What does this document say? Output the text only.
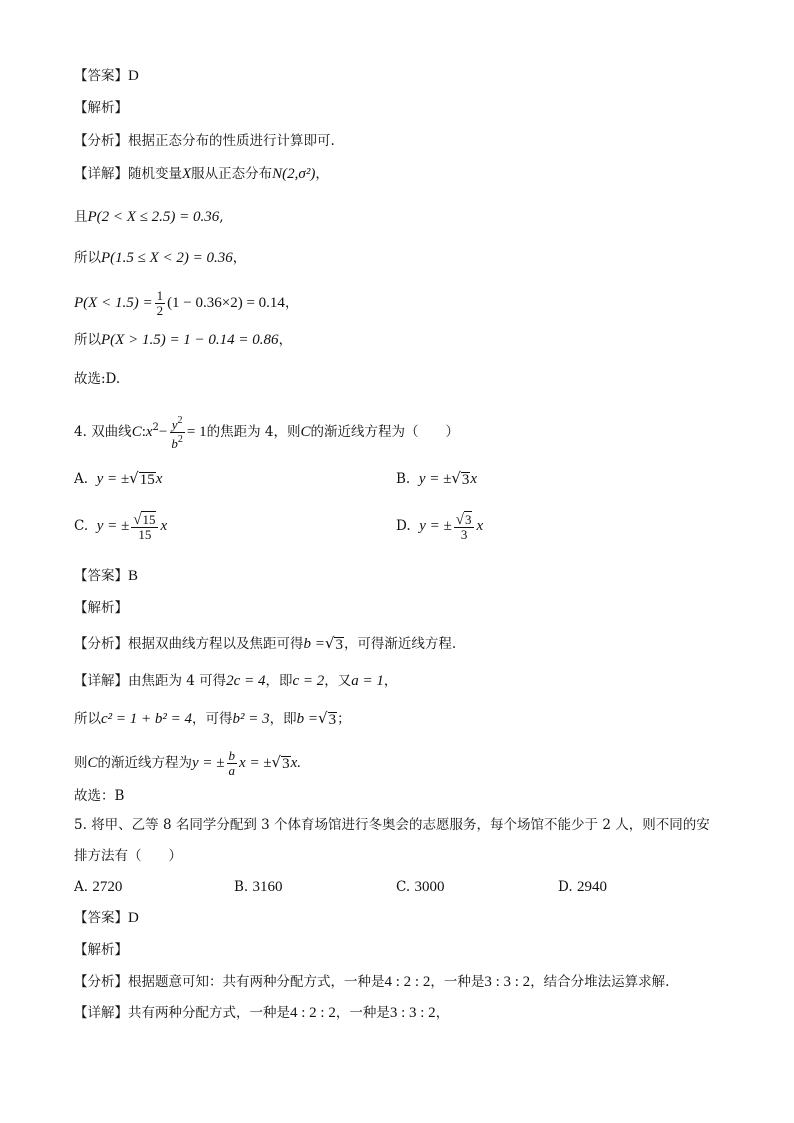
【答案】D
【解析】
【分析】根据正态分布的性质进行计算即可.
【详解】随机变量X服从正态分布N(2,σ²)，
且P(2 < X ≤ 2.5) = 0.36,
所以P(1.5 ≤ X < 2) = 0.36，
$P(X < 1.5) = \frac{1}{2} (1 - 0.36\times 2) = 0.14$，
所以P(X > 1.5) = 1 − 0.14 = 0.86，
故选:D.
4. 双曲线$C:x^2- \frac{y^2}{b^2} = 1$的焦距为 4，则C的渐近线方程为（　　）
A. y = ± √ 15 x	B. y = ± √ 3 x
C. y = ± $\frac{√ 15}{15}$ x	D. y = ± $\frac{√ 3}{3}$ x
【答案】B
【解析】
【分析】根据双曲线方程以及焦距可得b = √ 3 ，可得渐近线方程.
【详解】由焦距为 4 可得2c = 4，即c = 2，又a = 1，
所以c² = 1 + b² = 4，可得b² = 3，即b = √ 3 ；
则C的渐近线方程为y = ± $\frac{b}{a}$ x = ± √ 3 x.
故选：B
5. 将甲、乙等 8 名同学分配到 3 个体育场馆进行冬奥会的志愿服务，每个场馆不能少于 2 人，则不同的安
排方法有（　　）
A. 2720	B. 3160	C. 3000	D. 2940
【答案】D
【解析】
【分析】根据题意可知：共有两种分配方式，一种是4 : 2 : 2，一种是3 : 3 : 2，结合分堆法运算求解.
【详解】共有两种分配方式，一种是4 : 2 : 2，一种是3 : 3 : 2，
